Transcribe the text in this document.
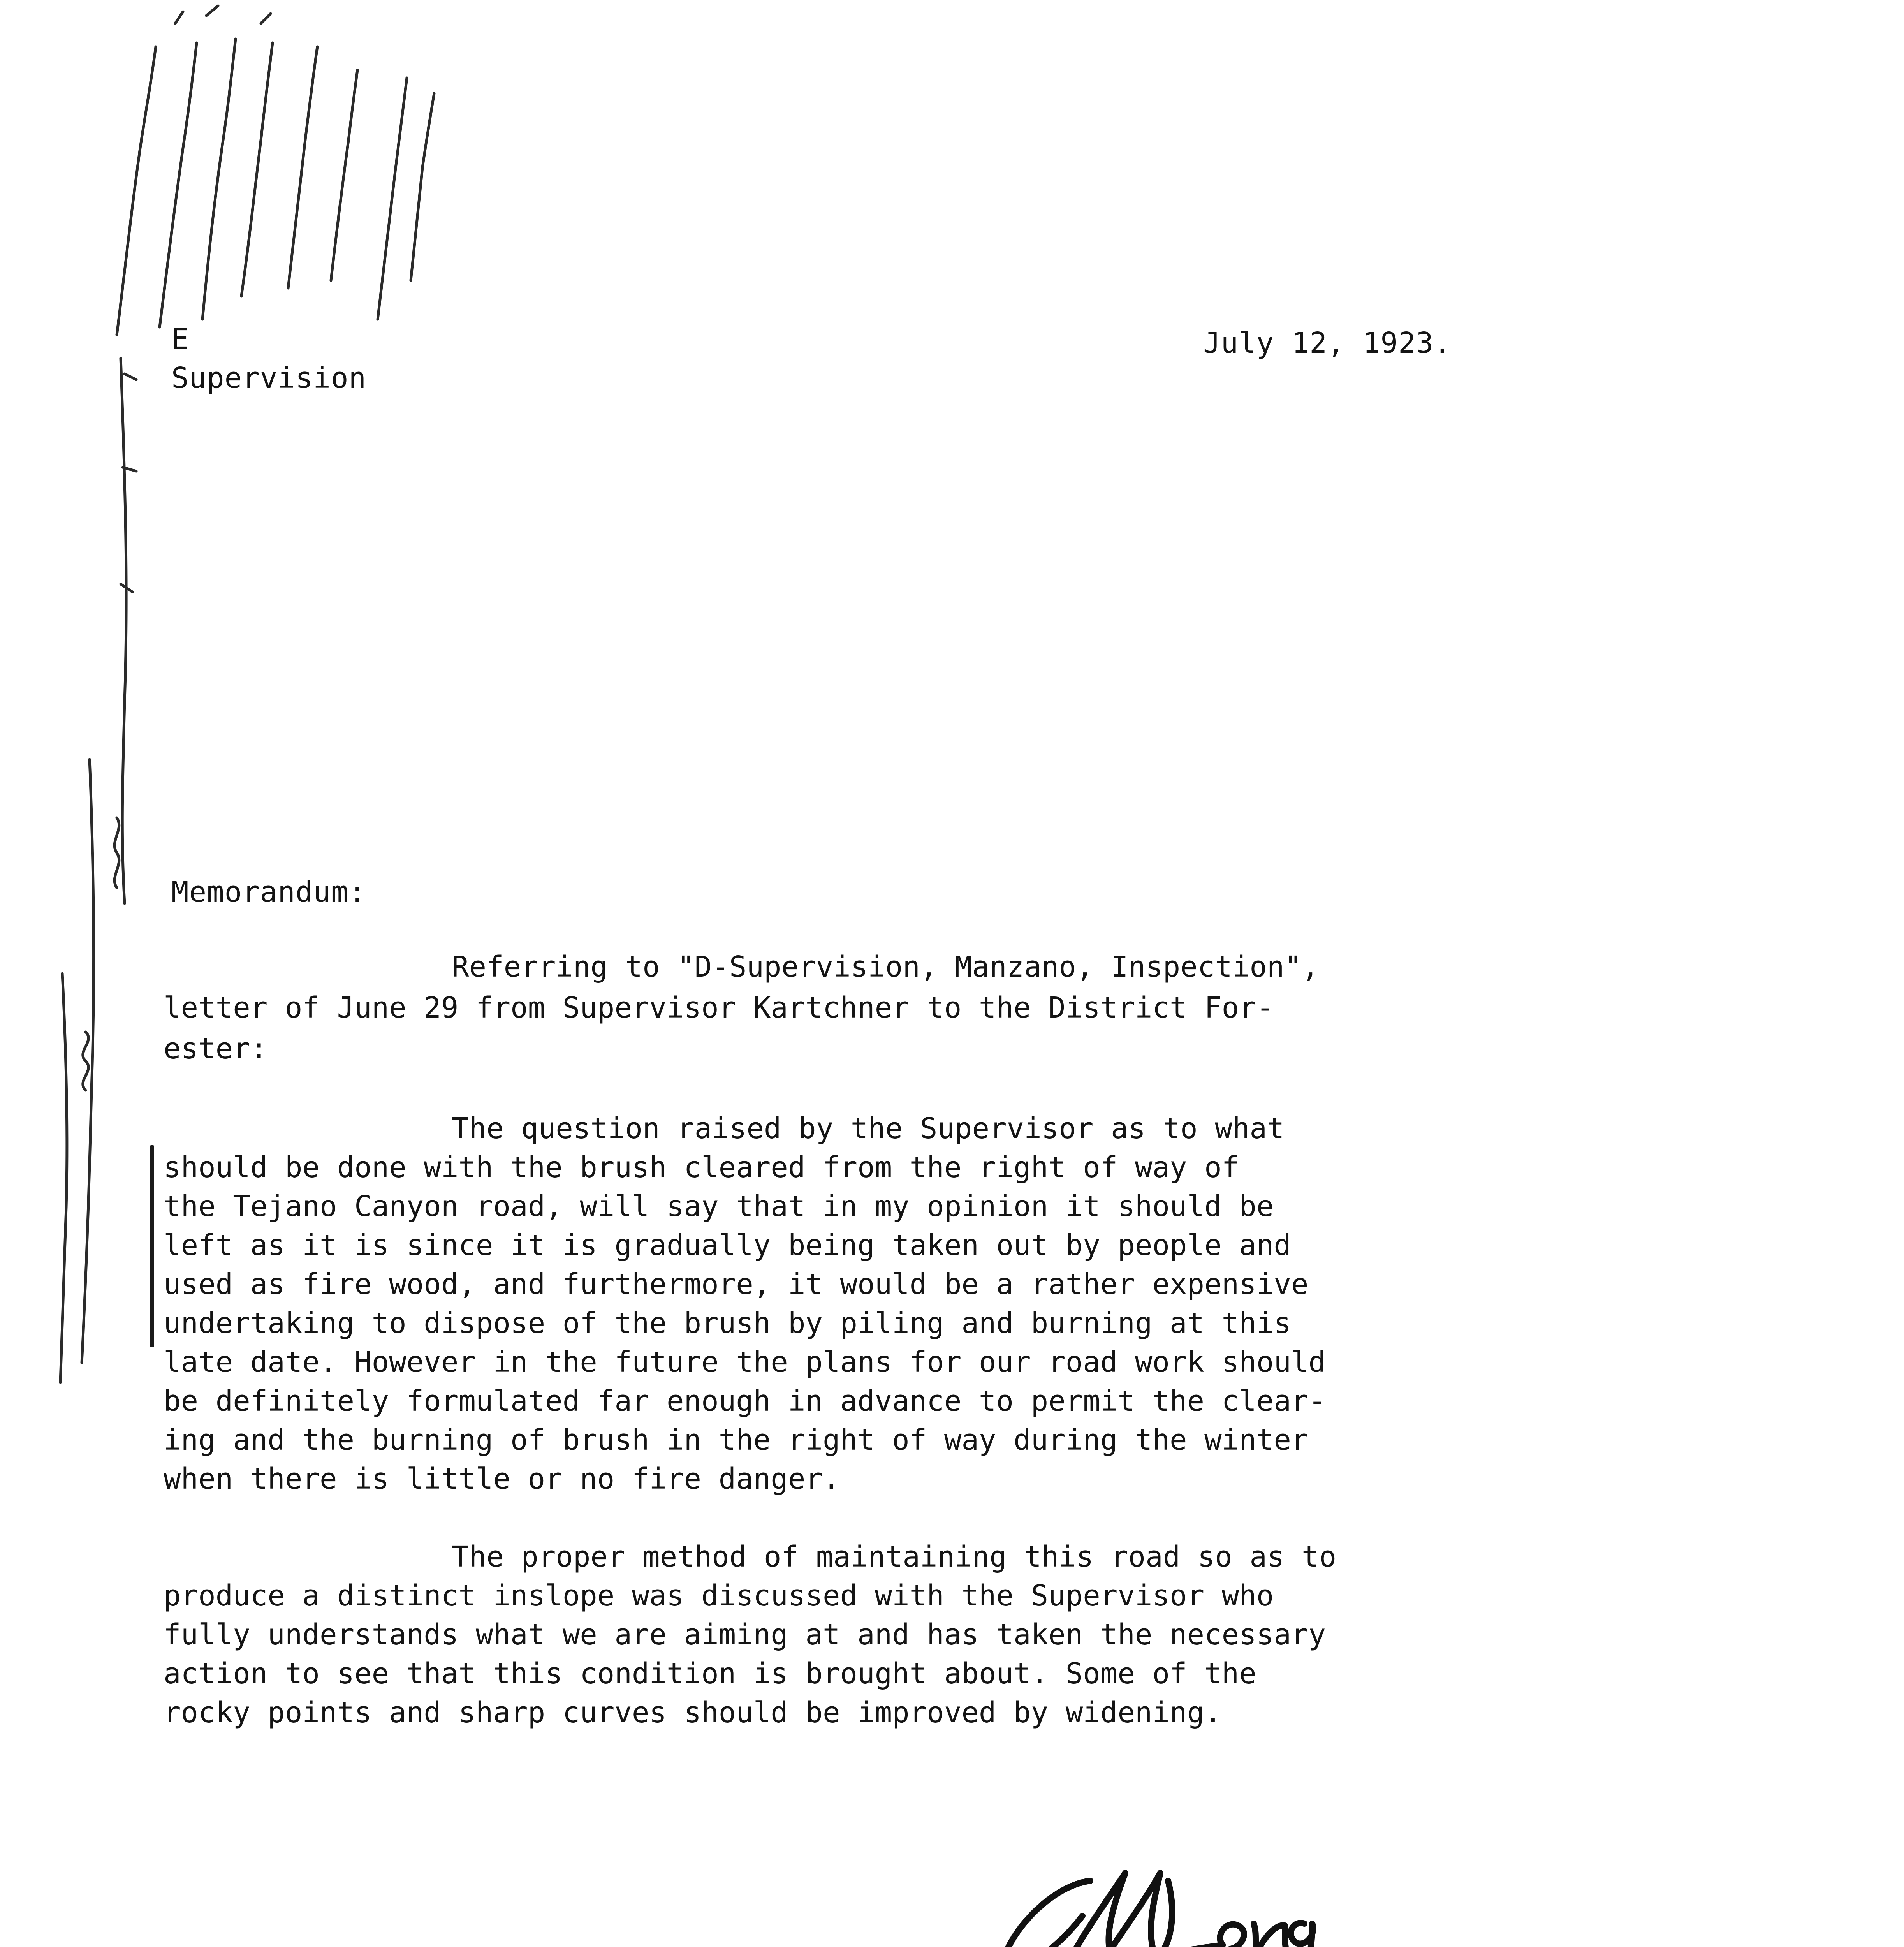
E
Supervision
July 12, 1923.
Memorandum:
Referring to "D-Supervision, Manzano, Inspection",
letter of June 29 from Supervisor Kartchner to the District For-
ester:
The question raised by the Supervisor as to what
should be done with the brush cleared from the right of way of
the Tejano Canyon road, will say that in my opinion it should be
left as it is since it is gradually being taken out by people and
used as fire wood, and furthermore, it would be a rather expensive
undertaking to dispose of the brush by piling and burning at this
late date. However in the future the plans for our road work should
be definitely formulated far enough in advance to permit the clear-
ing and the burning of brush in the right of way during the winter
when there is little or no fire danger.
The proper method of maintaining this road so as to
produce a distinct inslope was discussed with the Supervisor who
fully understands what we are aiming at and has taken the necessary
action to see that this condition is brought about. Some of the
rocky points and sharp curves should be improved by widening.
